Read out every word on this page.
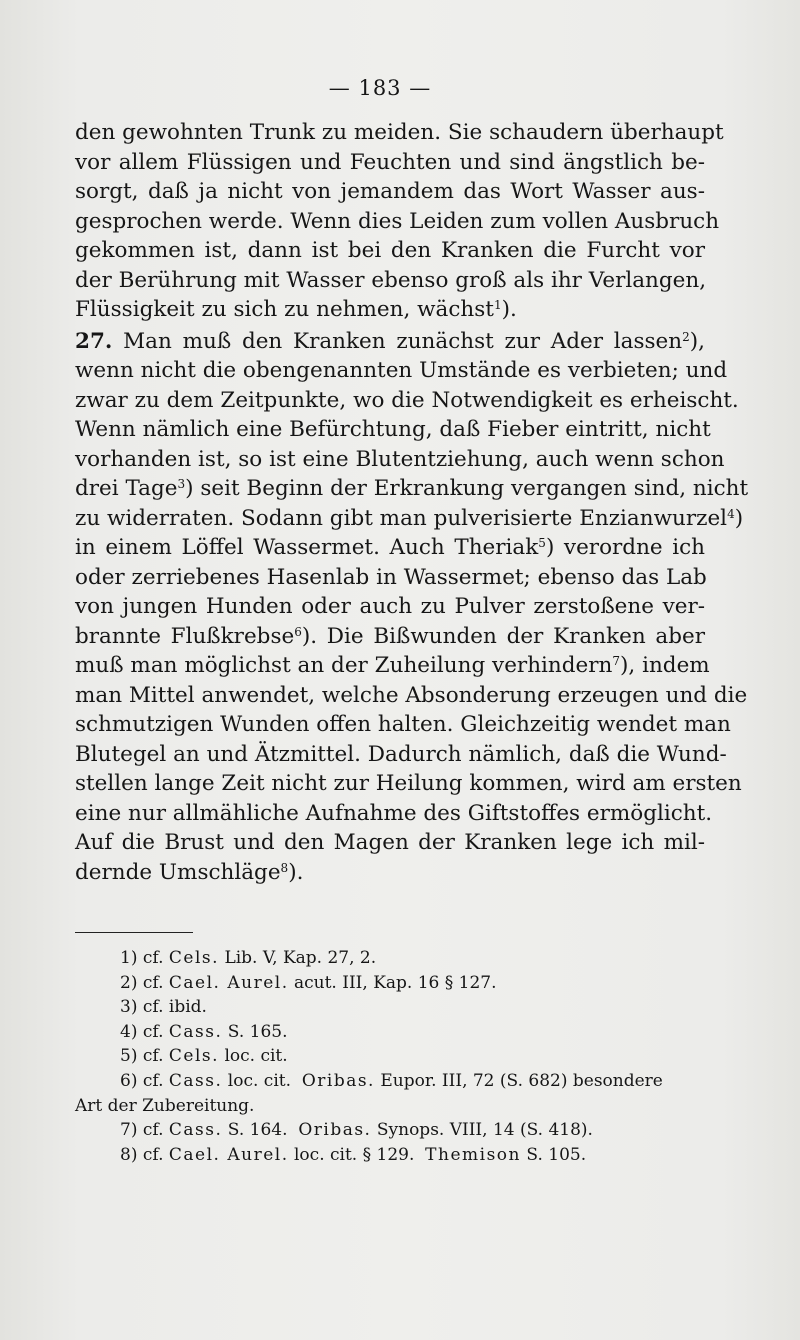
— 183 —
den gewohnten Trunk zu meiden. Sie schaudern überhaupt
vor allem Flüssigen und Feuchten und sind ängstlich be-
sorgt, daß ja nicht von jemandem das Wort Wasser aus-
gesprochen werde. Wenn dies Leiden zum vollen Ausbruch
gekommen ist, dann ist bei den Kranken die Furcht vor
der Berührung mit Wasser ebenso groß als ihr Verlangen,
Flüssigkeit zu sich zu nehmen, wächst$^1$).
27. Man muß den Kranken zunächst zur Ader lassen$^2$),
wenn nicht die obengenannten Umstände es verbieten; und
zwar zu dem Zeitpunkte, wo die Notwendigkeit es erheischt.
Wenn nämlich eine Befürchtung, daß Fieber eintritt, nicht
vorhanden ist, so ist eine Blutentziehung, auch wenn schon
drei Tage$^3$) seit Beginn der Erkrankung vergangen sind, nicht
zu widerraten. Sodann gibt man pulverisierte Enzianwurzel$^4$)
in einem Löffel Wassermet. Auch Theriak$^5$) verordne ich
oder zerriebenes Hasenlab in Wassermet; ebenso das Lab
von jungen Hunden oder auch zu Pulver zerstoßene ver-
brannte Flußkrebse$^6$). Die Bißwunden der Kranken aber
muß man möglichst an der Zuheilung verhindern$^7$), indem
man Mittel anwendet, welche Absonderung erzeugen und die
schmutzigen Wunden offen halten. Gleichzeitig wendet man
Blutegel an und Ätzmittel. Dadurch nämlich, daß die Wund-
stellen lange Zeit nicht zur Heilung kommen, wird am ersten
eine nur allmähliche Aufnahme des Giftstoffes ermöglicht.
Auf die Brust und den Magen der Kranken lege ich mil-
dernde Umschläge$^8$).
1) cf. Cels. Lib. V, Kap. 27, 2.
2) cf. Cael. Aurel. acut. III, Kap. 16 § 127.
3) cf. ibid.
4) cf. Cass. S. 165.
5) cf. Cels. loc. cit.
6) cf. Cass. loc. cit. Oribas. Eupor. III, 72 (S. 682) besondere
Art der Zubereitung.
7) cf. Cass. S. 164. Oribas. Synops. VIII, 14 (S. 418).
8) cf. Cael. Aurel. loc. cit. § 129. Themison S. 105.
